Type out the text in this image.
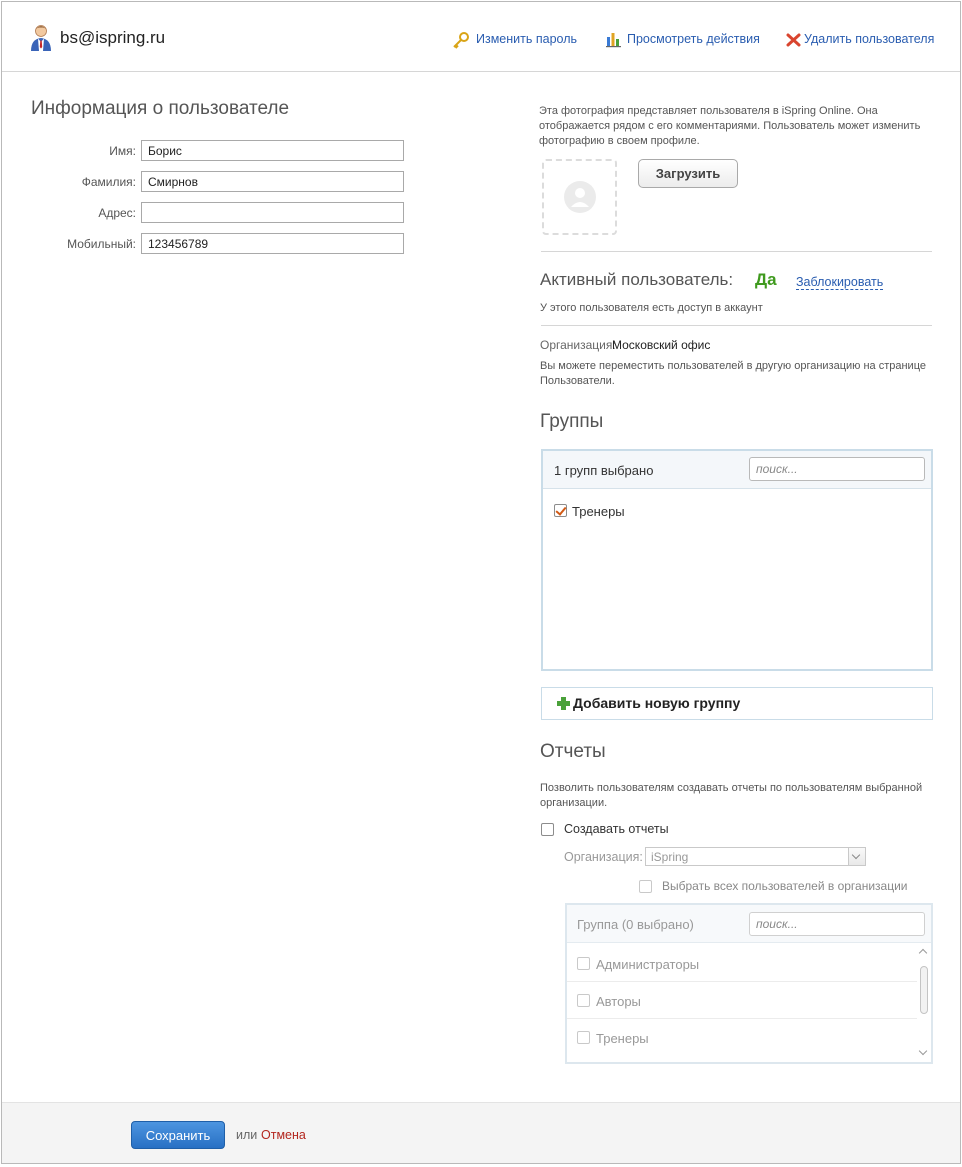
bs@ispring.ru	Изменить пароль	Просмотреть действия	Удалить пользователя
Информация о пользователе
Имя:
Борис
Фамилия:
Смирнов
Адрес:
Мобильный:
123456789
Эта фотография представляет пользователя в iSpring Online. Она отображается рядом с его комментариями. Пользователь может изменить фотографию в своем профиле.
Загрузить
Активный пользователь: Да Заблокировать
У этого пользователя есть доступ в аккаунт
Организация:
Московский офис
Вы можете переместить пользователей в другую организацию на странице Пользователи.
Группы
1 групп выбрано
поиск...
Тренеры
Добавить новую группу
Отчеты
Позволить пользователям создавать отчеты по пользователям выбранной организации.
Создавать отчеты
Организация: iSpring
Выбрать всех пользователей в организации
Группа (0 выбрано)
поиск...
Администраторы
Авторы
Тренеры
Сохранить	или Отмена
